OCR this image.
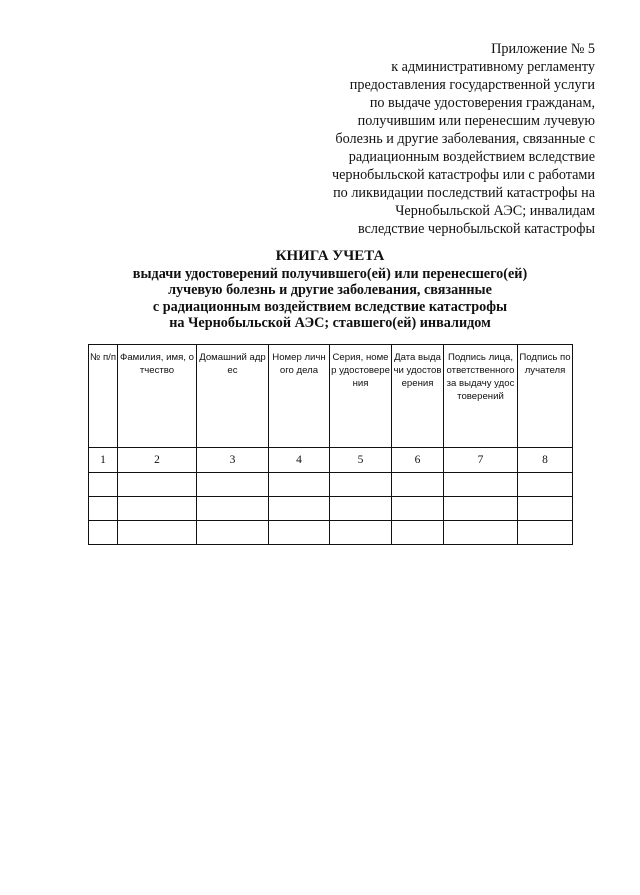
Приложение № 5
к административному регламенту
предоставления государственной услуги
по выдаче удостоверения гражданам,
получившим или перенесшим лучевую
болезнь и другие заболевания, связанные с
радиационным воздействием вследствие
чернобыльской катастрофы или с работами
по ликвидации последствий катастрофы на
Чернобыльской АЭС; инвалидам
вследствие чернобыльской катастрофы
КНИГА УЧЕТА
выдачи удостоверений получившего(ей) или перенесшего(ей)
лучевую болезнь и другие заболевания, связанные
с радиационным воздействием вследствие катастрофы
на Чернобыльской АЭС; ставшего(ей) инвалидом
№ п/п	Фамилия, имя, отчество	Домашний адрес	Номер личного дела	Серия, номер удостоверения	Дата выдачи удостоверения	Подпись лица, ответственного за выдачу удостоверений	Подпись получателя
1	2	3	4	5	6	7	8
